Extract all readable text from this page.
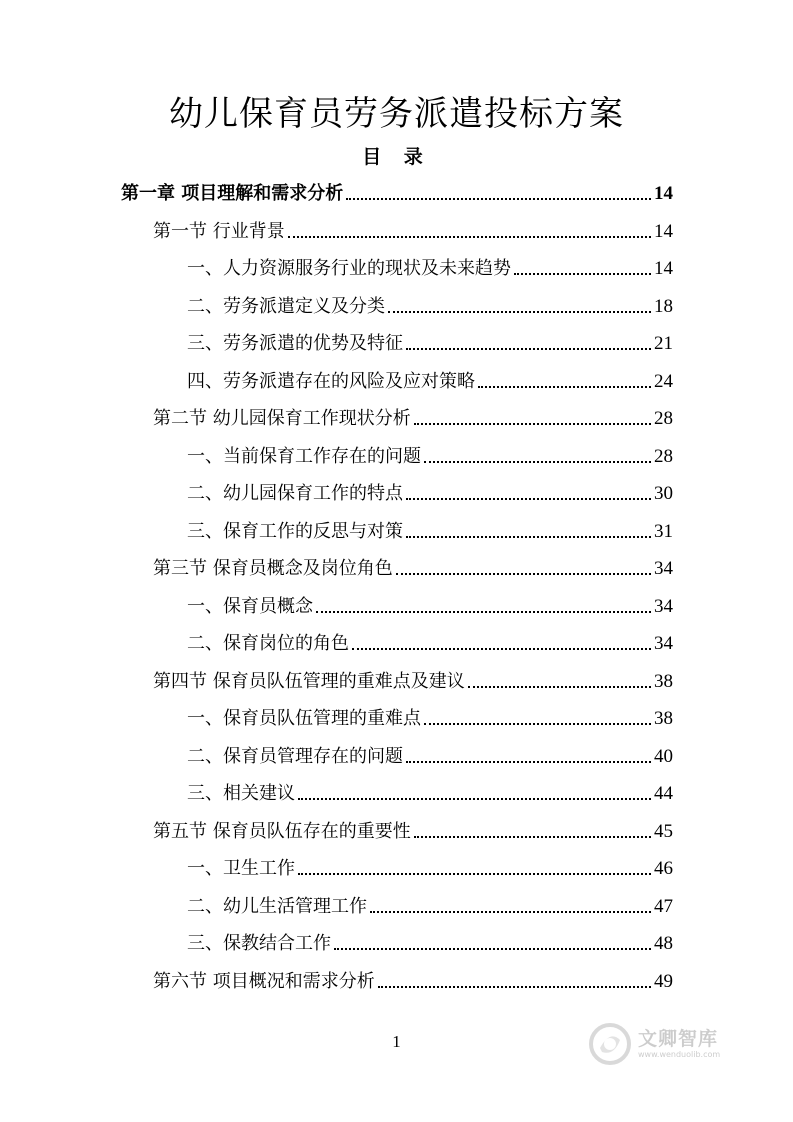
幼儿保育员劳务派遣投标方案
目 录
第一章 项目理解和需求分析	14
第一节 行业背景	14
一、人力资源服务行业的现状及未来趋势	14
二、劳务派遣定义及分类	18
三、劳务派遣的优势及特征	21
四、劳务派遣存在的风险及应对策略	24
第二节 幼儿园保育工作现状分析	28
一、当前保育工作存在的问题	28
二、幼儿园保育工作的特点	30
三、保育工作的反思与对策	31
第三节 保育员概念及岗位角色	34
一、保育员概念	34
二、保育岗位的角色	34
第四节 保育员队伍管理的重难点及建议	38
一、保育员队伍管理的重难点	38
二、保育员管理存在的问题	40
三、相关建议	44
第五节 保育员队伍存在的重要性	45
一、卫生工作	46
二、幼儿生活管理工作	47
三、保教结合工作	48
第六节 项目概况和需求分析	49
1	文卿智库
www.wenduolib.com
